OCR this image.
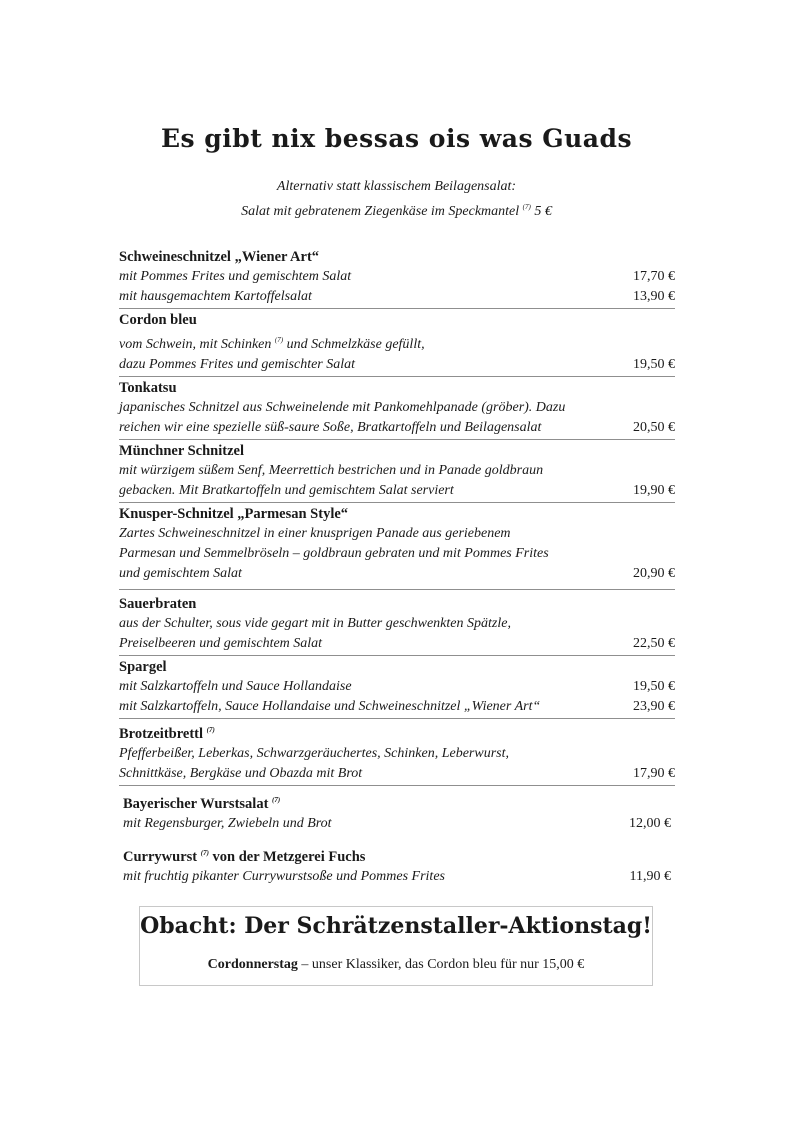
Es gibt nix bessas ois was Guads
Alternativ statt klassischem Beilagensalat:
Salat mit gebratenem Ziegenkäse im Speckmantel $^{(7)}$ 5 €
Schweineschnitzel „Wiener Art“
mit Pommes Frites und gemischtem Salat	17,70 €
mit hausgemachtem Kartoffelsalat	13,90 €
Cordon bleu
vom Schwein, mit Schinken $^{(7)}$ und Schmelzkäse gefüllt,
dazu Pommes Frites und gemischter Salat	19,50 €
Tonkatsu
japanisches Schnitzel aus Schweinelende mit Pankomehlpanade (gröber). Dazu
reichen wir eine spezielle süß-saure Soße, Bratkartoffeln und Beilagensalat	20,50 €
Münchner Schnitzel
mit würzigem süßem Senf, Meerrettich bestrichen und in Panade goldbraun
gebacken. Mit Bratkartoffeln und gemischtem Salat serviert	19,90 €
Knusper-Schnitzel „Parmesan Style“
Zartes Schweineschnitzel in einer knusprigen Panade aus geriebenem
Parmesan und Semmelbröseln – goldbraun gebraten und mit Pommes Frites
und gemischtem Salat	20,90 €
Sauerbraten
aus der Schulter, sous vide gegart mit in Butter geschwenkten Spätzle,
Preiselbeeren und gemischtem Salat	22,50 €
Spargel
mit Salzkartoffeln und Sauce Hollandaise	19,50 €
mit Salzkartoffeln, Sauce Hollandaise und Schweineschnitzel „Wiener Art“	23,90 €
Brotzeitbrettl $^{(7)}$
Pfefferbeißer, Leberkas, Schwarzgeräuchertes, Schinken, Leberwurst,
Schnittkäse, Bergkäse und Obazda mit Brot	17,90 €
Bayerischer Wurstsalat $^{(7)}$
mit Regensburger, Zwiebeln und Brot	12,00 €
Currywurst $^{(7)}$ von der Metzgerei Fuchs
mit fruchtig pikanter Currywurstsoße und Pommes Frites	11,90 €
Obacht: Der Schrätzenstaller-Aktionstag!
Cordonnerstag – unser Klassiker, das Cordon bleu für nur 15,00 €
